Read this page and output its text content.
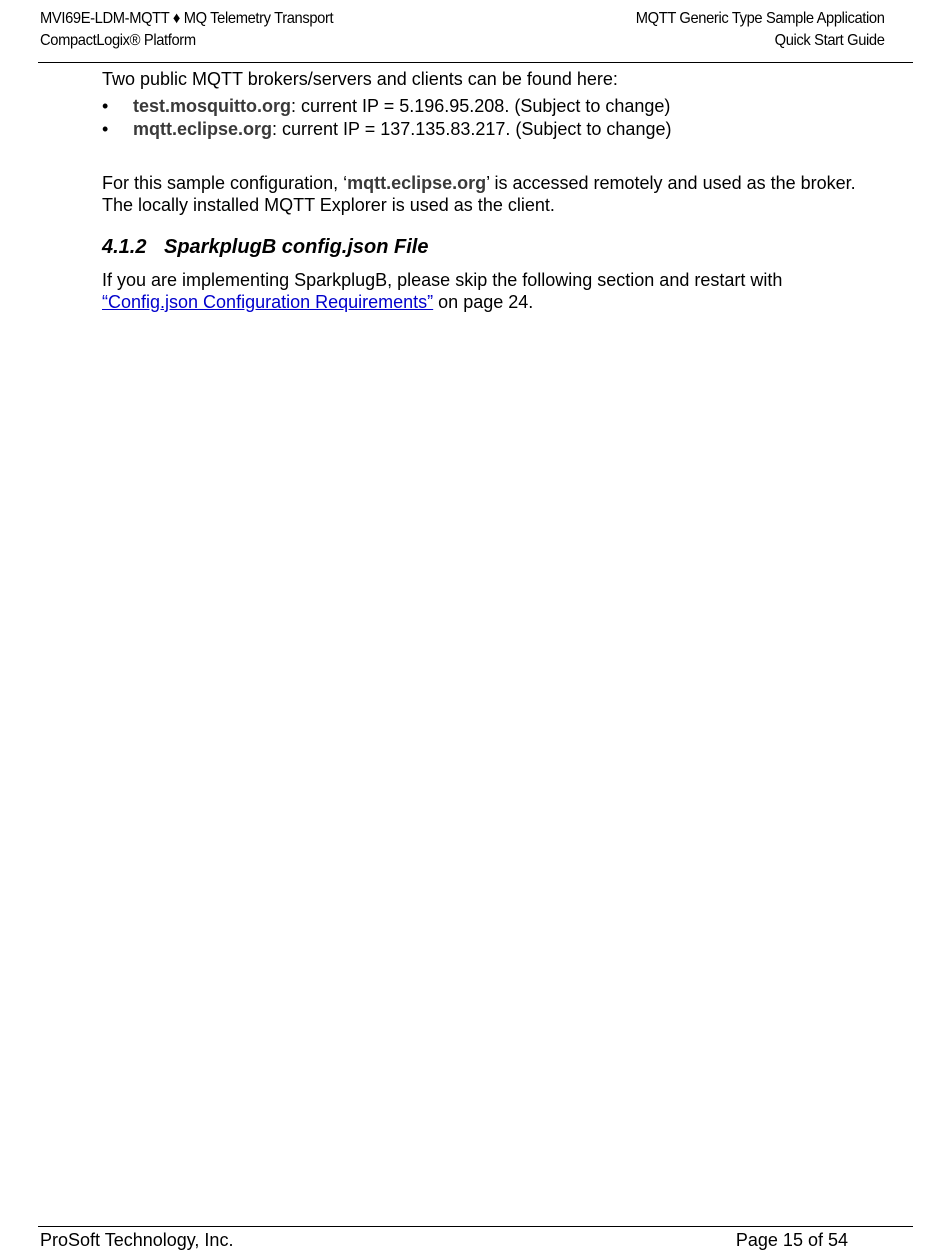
MVI69E-LDM-MQTT ♦ MQ Telemetry Transport
CompactLogix® Platform
MQTT Generic Type Sample Application
Quick Start Guide

Two public MQTT brokers/servers and clients can be found here:

• test.mosquitto.org: current IP = 5.196.95.208. (Subject to change)
• mqtt.eclipse.org: current IP = 137.135.83.217. (Subject to change)

For this sample configuration, ‘mqtt.eclipse.org’ is accessed remotely and used as the broker. The locally installed MQTT Explorer is used as the client.

4.1.2 SparkplugB config.json File

If you are implementing SparkplugB, please skip the following section and restart with “Config.json Configuration Requirements” on page 24.

ProSoft Technology, Inc.	Page 15 of 54
